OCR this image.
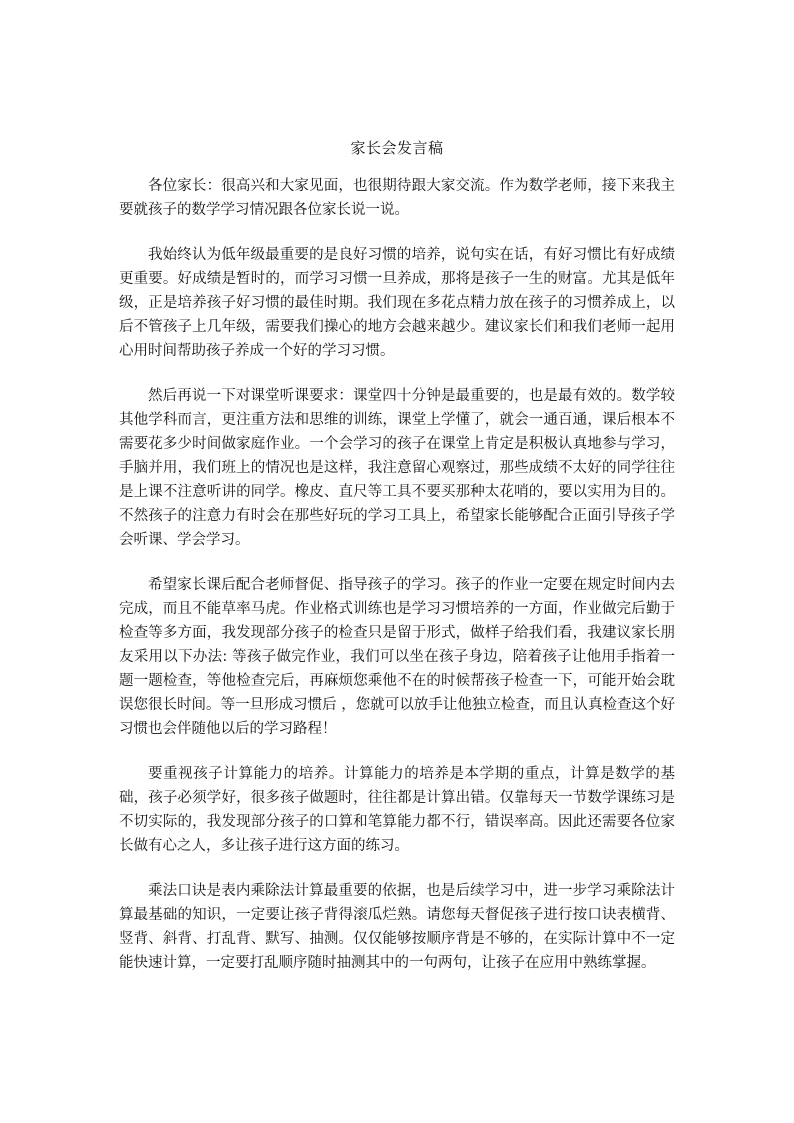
家长会发言稿

各位家长：很高兴和大家见面，也很期待跟大家交流。作为数学老师，接下来我主要就孩子的数学学习情况跟各位家长说一说。

我始终认为低年级最重要的是良好习惯的培养，说句实在话，有好习惯比有好成绩更重要。好成绩是暂时的，而学习习惯一旦养成，那将是孩子一生的财富。尤其是低年级，正是培养孩子好习惯的最佳时期。我们现在多花点精力放在孩子的习惯养成上，以后不管孩子上几年级，需要我们操心的地方会越来越少。建议家长们和我们老师一起用心用时间帮助孩子养成一个好的学习习惯。

然后再说一下对课堂听课要求：课堂四十分钟是最重要的，也是最有效的。数学较其他学科而言，更注重方法和思维的训练，课堂上学懂了，就会一通百通，课后根本不需要花多少时间做家庭作业。一个会学习的孩子在课堂上肯定是积极认真地参与学习，手脑并用，我们班上的情况也是这样，我注意留心观察过，那些成绩不太好的同学往往是上课不注意听讲的同学。橡皮、直尺等工具不要买那种太花哨的，要以实用为目的。不然孩子的注意力有时会在那些好玩的学习工具上，希望家长能够配合正面引导孩子学会听课、学会学习。

希望家长课后配合老师督促、指导孩子的学习。孩子的作业一定要在规定时间内去完成，而且不能草率马虎。作业格式训练也是学习习惯培养的一方面，作业做完后勤于检查等多方面，我发现部分孩子的检查只是留于形式，做样子给我们看，我建议家长朋友采用以下办法: 等孩子做完作业，我们可以坐在孩子身边，陪着孩子让他用手指着一题一题检查，等他检查完后，再麻烦您乘他不在的时候帮孩子检查一下，可能开始会耽误您很长时间。等一旦形成习惯后 ，您就可以放手让他独立检查，而且认真检查这个好习惯也会伴随他以后的学习路程！

要重视孩子计算能力的培养。计算能力的培养是本学期的重点，计算是数学的基础，孩子必须学好，很多孩子做题时，往往都是计算出错。仅靠每天一节数学课练习是不切实际的，我发现部分孩子的口算和笔算能力都不行，错误率高。因此还需要各位家长做有心之人，多让孩子进行这方面的练习。

乘法口诀是表内乘除法计算最重要的依据，也是后续学习中，进一步学习乘除法计算最基础的知识，一定要让孩子背得滚瓜烂熟。请您每天督促孩子进行按口诀表横背、竖背、斜背、打乱背、默写、抽测。仅仅能够按顺序背是不够的，在实际计算中不一定能快速计算，一定要打乱顺序随时抽测其中的一句两句，让孩子在应用中熟练掌握。
